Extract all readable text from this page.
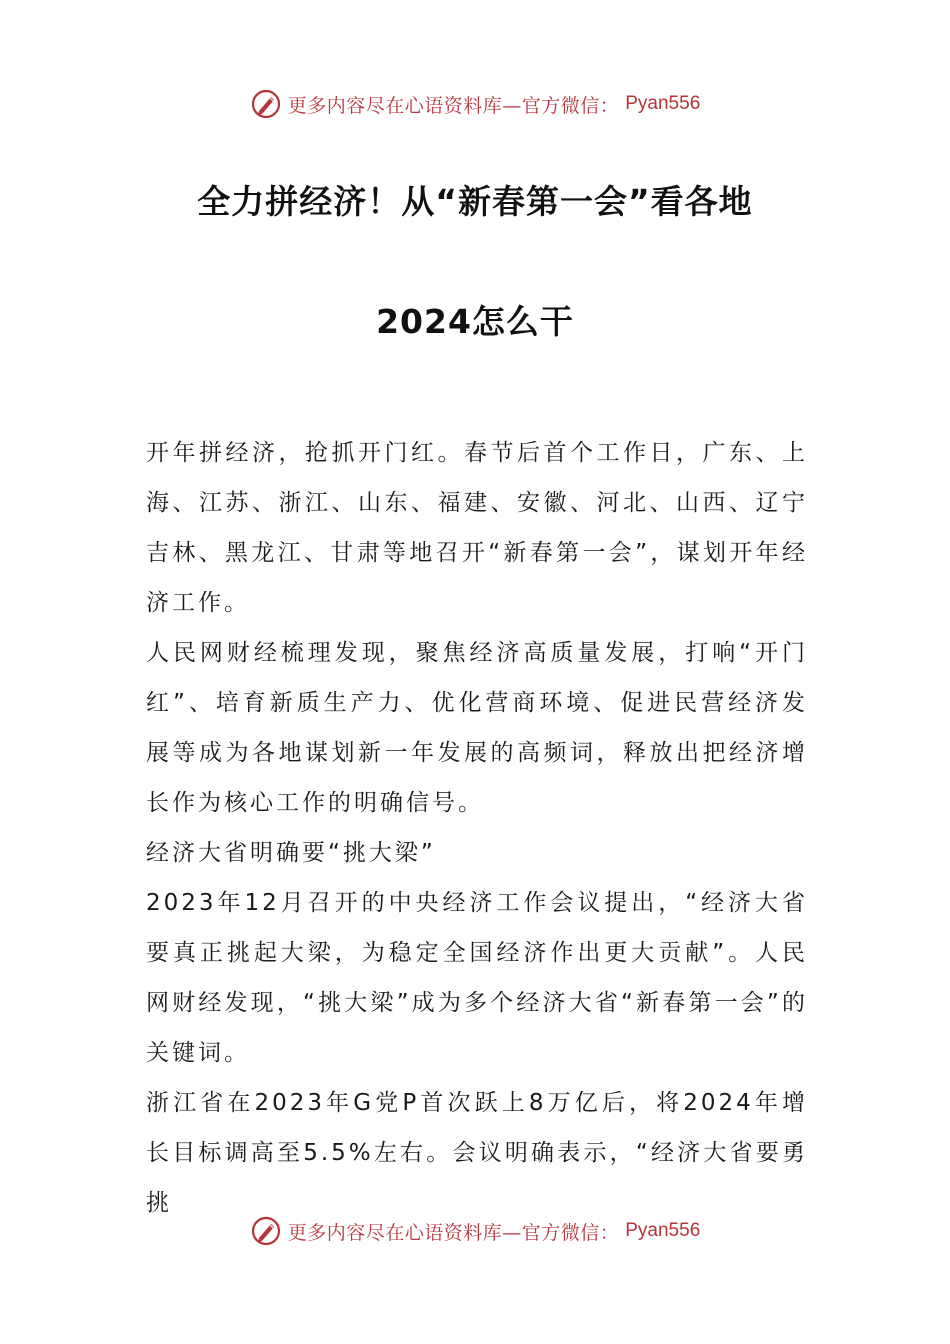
更多内容尽在心语资料库—官方微信： Pyan556
全力拼经济！从“新春第一会”看各地
2024怎么干

开年拼经济，抢抓开门红。春节后首个工作日，广东、上海、江苏、浙江、山东、福建、安徽、河北、山西、辽宁吉林、黑龙江、甘肃等地召开“新春第一会”，谋划开年经济工作。

人民网财经梳理发现，聚焦经济高质量发展，打响“开门红”、培育新质生产力、优化营商环境、促进民营经济发展等成为各地谋划新一年发展的高频词，释放出把经济增长作为核心工作的明确信号。

经济大省明确要“挑大梁”

2023年12月召开的中央经济工作会议提出，“经济大省要真正挑起大梁，为稳定全国经济作出更大贡献”。人民网财经发现，“挑大梁”成为多个经济大省“新春第一会”的关键词。

浙江省在2023年G党P首次跃上8万亿后，将2024年增长目标调高至5.5%左右。会议明确表示，“经济大省要勇挑

更多内容尽在心语资料库—官方微信： Pyan556
